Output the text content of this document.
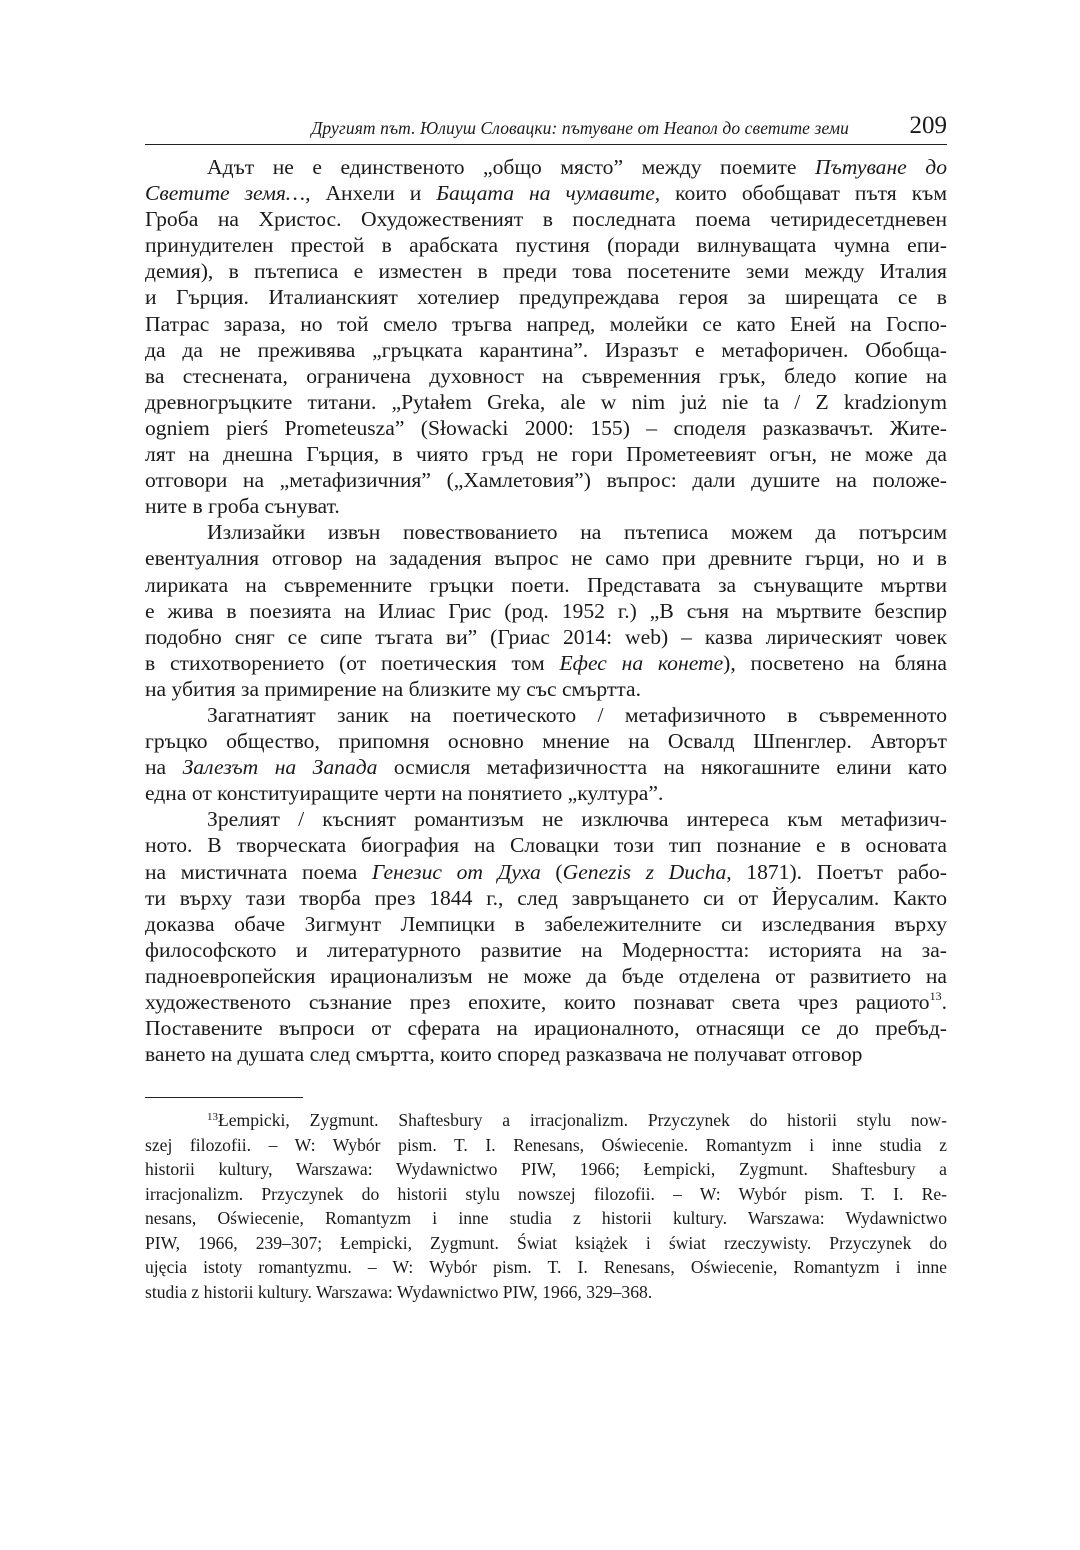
Другият път. Юлиуш Словацки: пътуване от Неапол до светите земи 209
Адът не е единственото „общо място” между поемите Пътуване до
Светите земя…, Анхели и Бащата на чумавите, които обобщават пътя към
Гроба на Христос. Охудожественият в последната поема четиридесетдневен
принудителен престой в арабската пустиня (поради вилнуващата чумна епи-
демия), в пътеписа е изместен в преди това посетените земи между Италия
и Гърция. Италианският хотелиер предупреждава героя за ширещата се в
Патрас зараза, но той смело тръгва напред, молейки се като Еней на Госпо-
да да не преживява „гръцката карантина”. Изразът е метафоричен. Обобща-
ва стеснената, ограничена духовност на съвременния грък, бледо копие на
древногръцките титани. „Pytałem Greka, ale w nim już nie ta / Z kradzionym
ogniem pierś Prometeusza” (Słowacki 2000: 155) – споделя разказвачът. Жите-
лят на днешна Гърция, в чиято гръд не гори Прометеевият огън, не може да
отговори на „метафизичния” („Хамлетовия”) въпрос: дали душите на положе-
ните в гроба сънуват.
Излизайки извън повествованието на пътеписа можем да потърсим
евентуалния отговор на зададения въпрос не само при древните гърци, но и в
лириката на съвременните гръцки поети. Представата за сънуващите мъртви
е жива в поезията на Илиас Грис (род. 1952 г.) „В съня на мъртвите безспир
подобно сняг се сипе тъгата ви” (Гриас 2014: web) – казва лирическият човек
в стихотворението (от поетическия том Ефес на конете), посветено на бляна
на убития за примирение на близките му със смъртта.
Загатнатият заник на поетическото / метафизичното в съвременното
гръцко общество, припомня основно мнение на Освалд Шпенглер. Авторът
на Залезът на Запада осмисля метафизичността на някогашните елини като
една от конституиращите черти на понятието „култура”.
Зрелият / късният романтизъм не изключва интереса към метафизич-
ното. В творческата биография на Словацки този тип познание е в основата
на мистичната поема Генезис от Духа (Genezis z Ducha, 1871). Поетът рабо-
ти върху тази творба през 1844 г., след завръщането си от Йерусалим. Както
доказва обаче Зигмунт Лемпицки в забележителните си изследвания върху
философското и литературното развитие на Модерността: историята на за-
падноевропейския ирационализъм не може да бъде отделена от развитието на
художественото съзнание през епохите, които познават света чрез рациото$^{13}$.
Поставените въпроси от сферата на ирационалното, отнасящи се до пребъд-
ването на душата след смъртта, които според разказвача не получават отговор
$^{13}$Łempicki, Zygmunt. Shaftesbury a irracjonalizm. Przyczynek do historii stylu now-
szej filozofii. – W: Wybór pism. T. I. Renesans, Oświecenie. Romantyzm i inne studia z
historii kultury, Warszawa: Wydawnictwo PIW, 1966; Łempicki, Zygmunt. Shaftesbury a
irracjonalizm. Przyczynek do historii stylu nowszej filozofii. – W: Wybór pism. T. I. Re-
nesans, Oświecenie, Romantyzm i inne studia z historii kultury. Warszawa: Wydawnictwo
PIW, 1966, 239–307; Łempicki, Zygmunt. Świat książek i świat rzeczywisty. Przyczynek do
ujęcia istoty romantyzmu. – W: Wybór pism. T. I. Renesans, Oświecenie, Romantyzm i inne
studia z historii kultury. Warszawa: Wydawnictwo PIW, 1966, 329–368.
